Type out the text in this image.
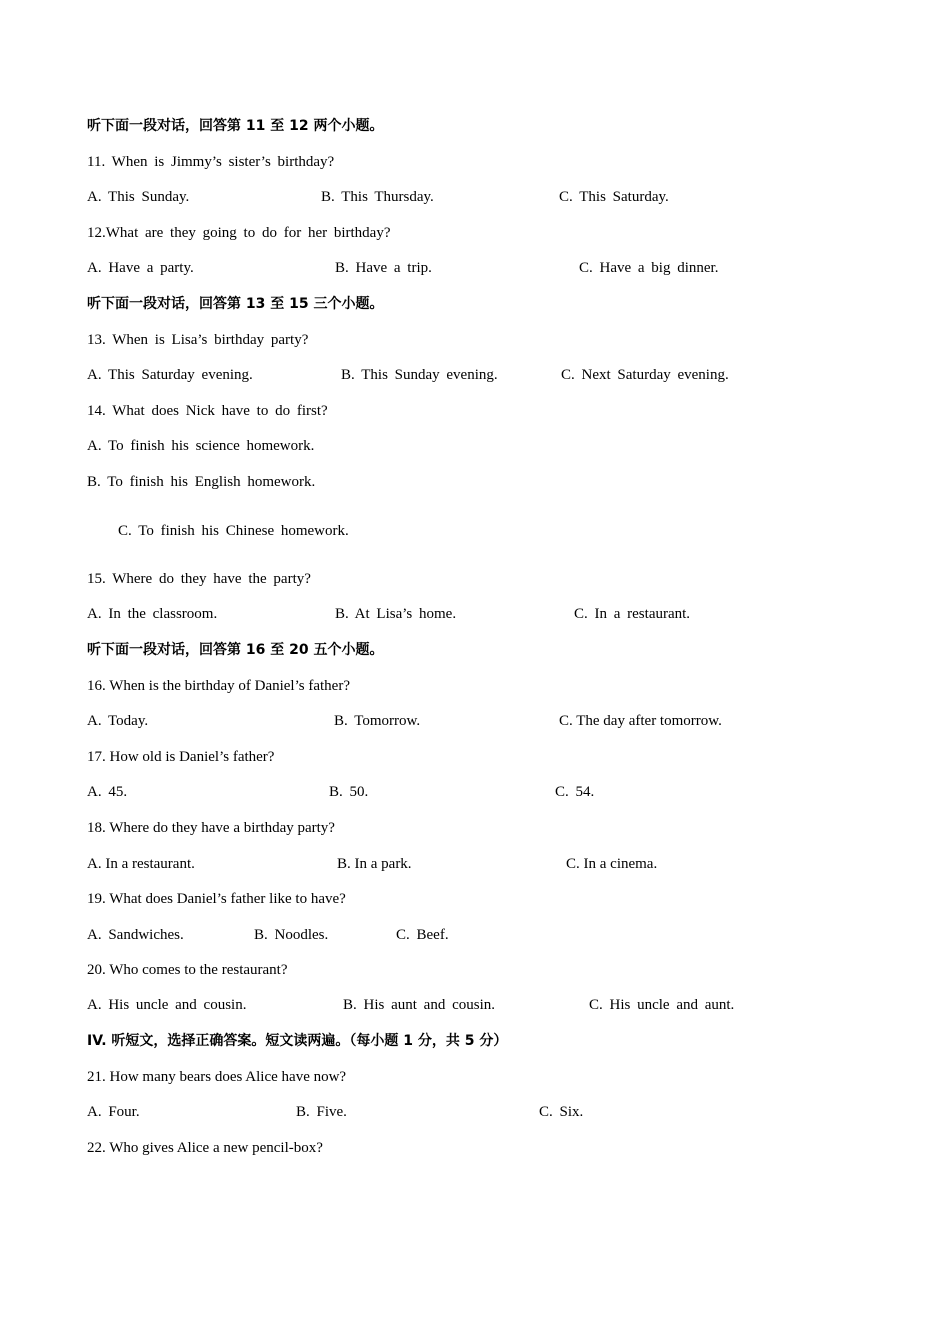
听下面一段对话，回答第 11 至 12 两个小题。
11. When is Jimmy’s sister’s birthday?
A. This Sunday.	B. This Thursday.	C. This Saturday.
12.What are they going to do for her birthday?
A. Have a party.	B. Have a trip.	C. Have a big dinner.
听下面一段对话，回答第 13 至 15 三个小题。
13. When is Lisa’s birthday party?
A. This Saturday evening.	B. This Sunday evening.	C. Next Saturday evening.
14. What does Nick have to do first?
A. To finish his science homework.
B. To finish his English homework.
C. To finish his Chinese homework.
15. Where do they have the party?
A. In the classroom.	B. At Lisa’s home.	C. In a restaurant.
听下面一段对话，回答第 16 至 20 五个小题。
16. When is the birthday of Daniel’s father?
A. Today.	B. Tomorrow.	C. The day after tomorrow.
17. How old is Daniel’s father?
A. 45.	B. 50.	C. 54.
18. Where do they have a birthday party?
A. In a restaurant.	B. In a park.	C. In a cinema.
19. What does Daniel’s father like to have?
A. Sandwiches.	B. Noodles.	C. Beef.
20. Who comes to the restaurant?
A. His uncle and cousin.	B. His aunt and cousin.	C. His uncle and aunt.
IV. 听短文，选择正确答案。短文读两遍。（每小题 1 分，共 5 分）
21. How many bears does Alice have now?
A. Four.	B. Five.	C. Six.
22. Who gives Alice a new pencil-box?
